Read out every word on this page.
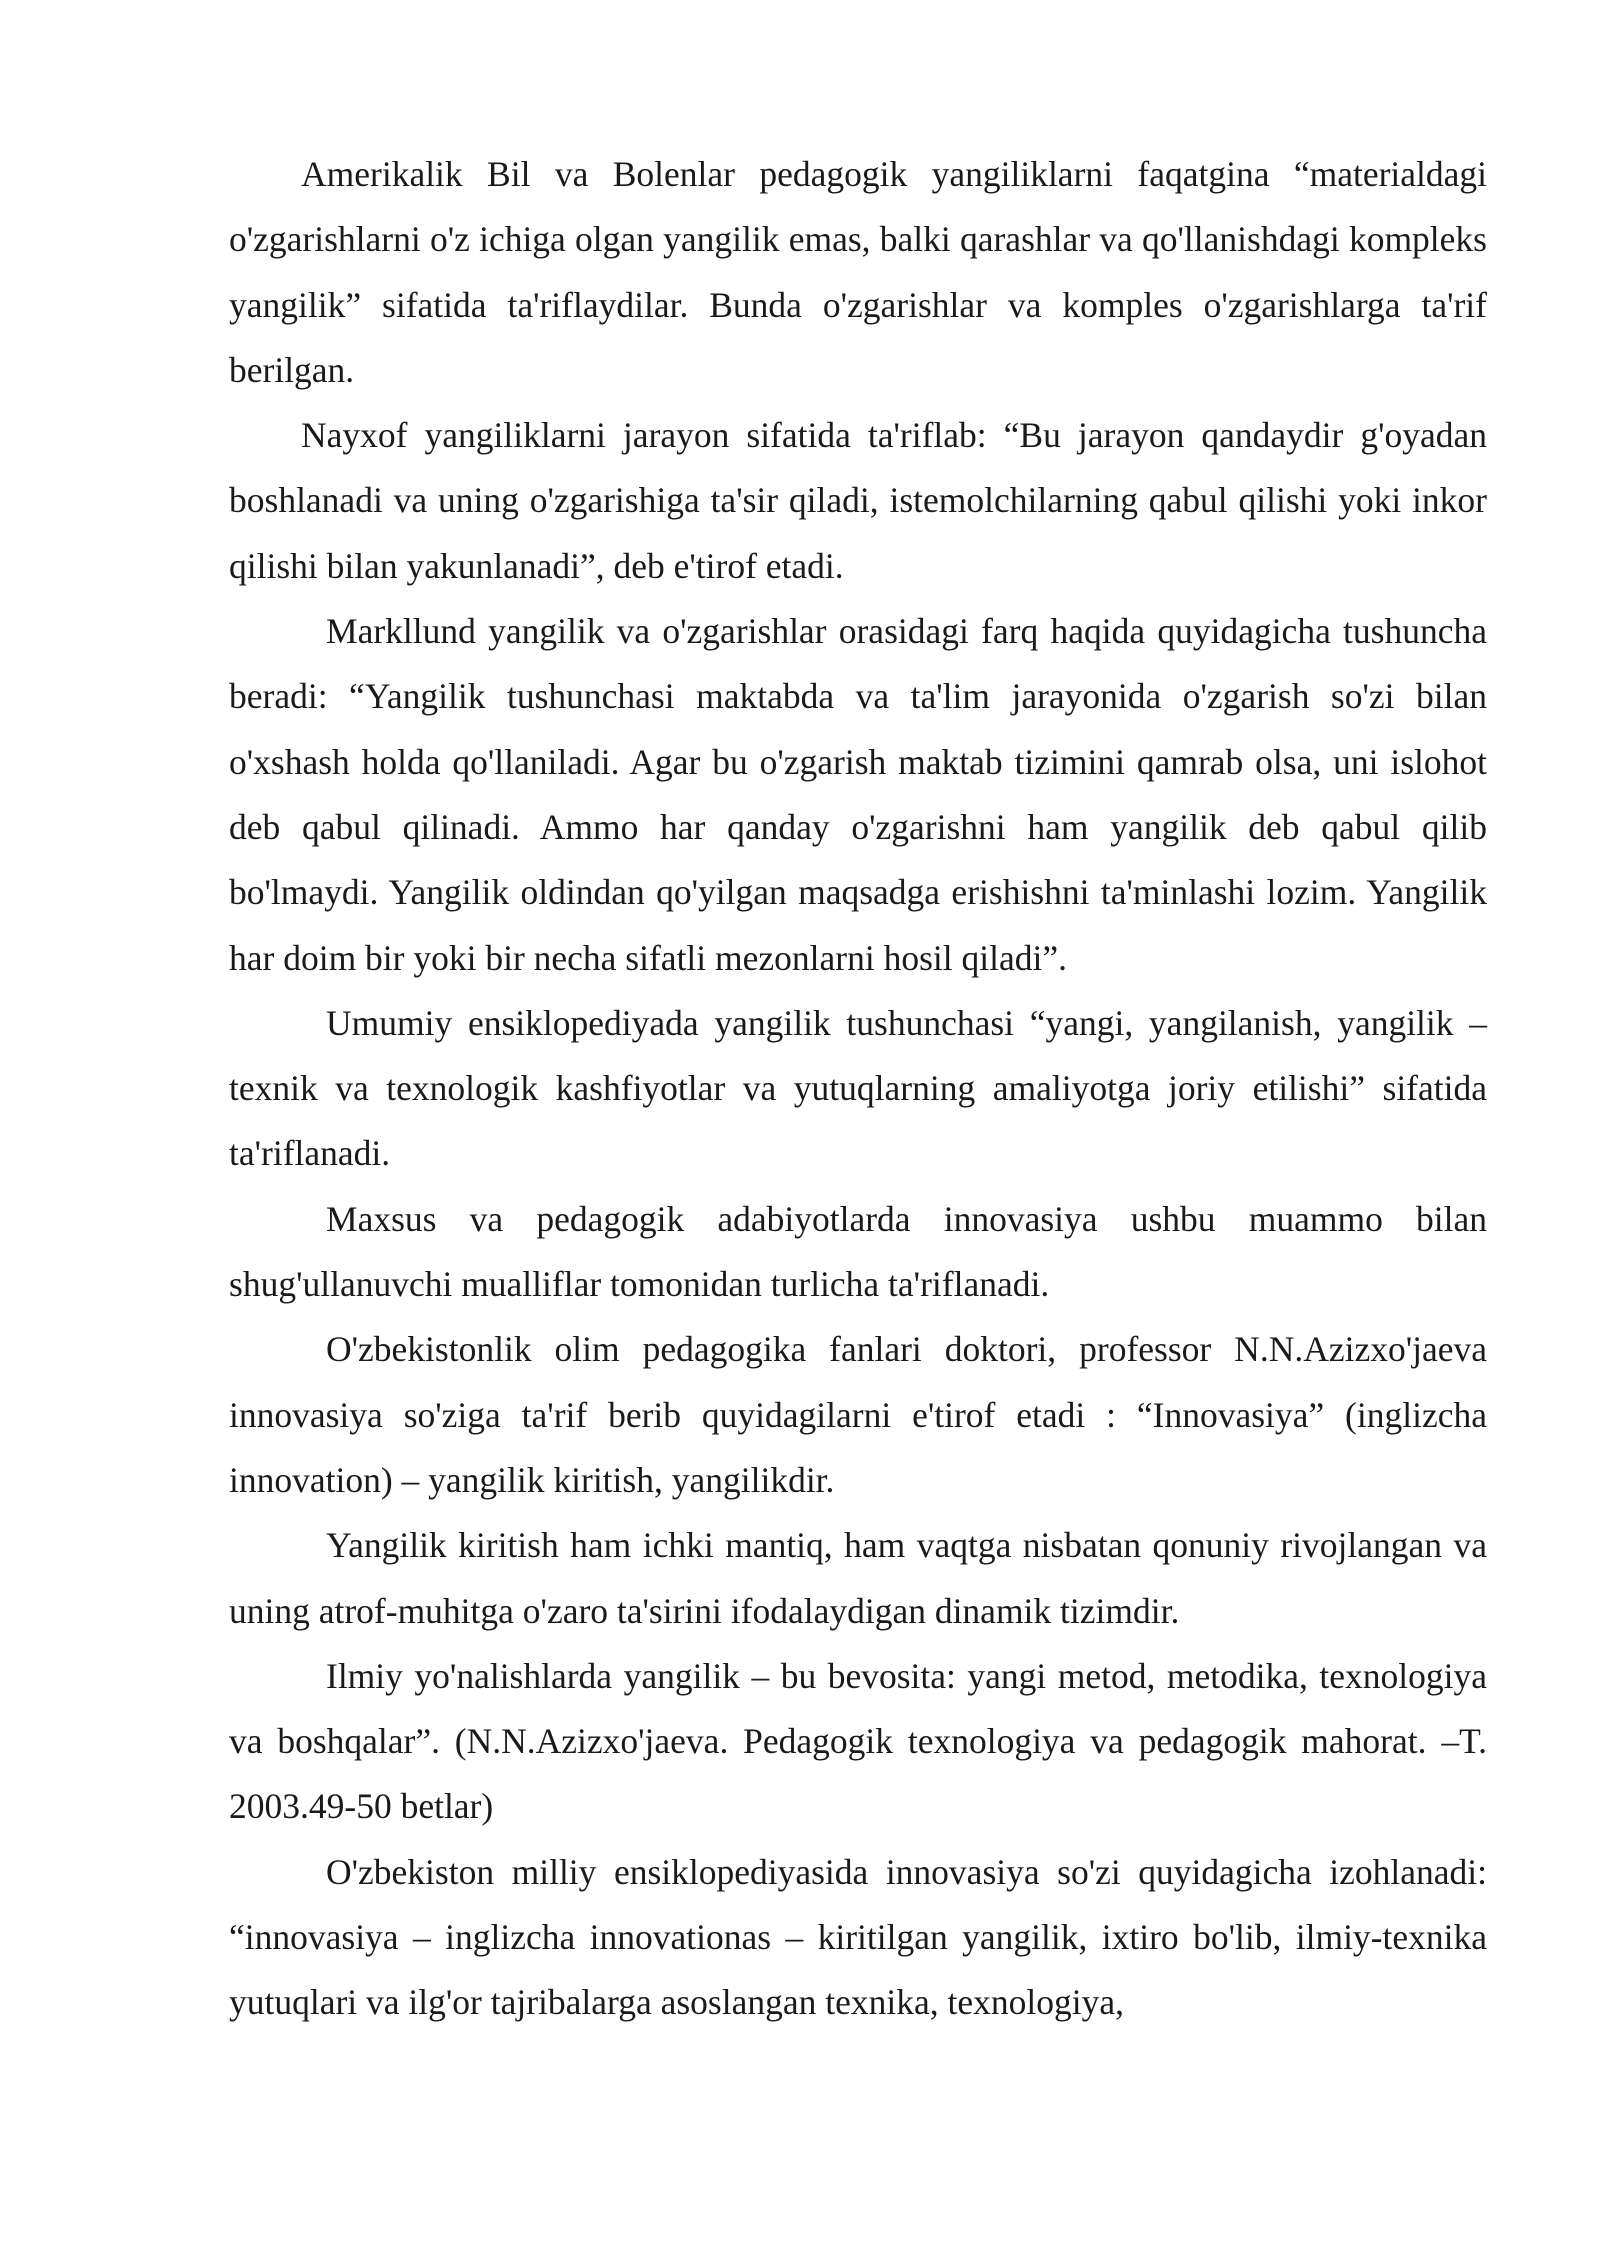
Amerikalik Bil va Bolenlar pedagogik yangiliklarni faqatgina “materialdagi o'zgarishlarni o'z ichiga olgan yangilik emas, balki qarashlar va qo'llanishdagi kompleks yangilik” sifatida ta'riflaydilar. Bunda o'zgarishlar va komples o'zgarishlarga ta'rif berilgan.

Nayxof yangiliklarni jarayon sifatida ta'riflab: “Bu jarayon qandaydir g'oyadan boshlanadi va uning o'zgarishiga ta'sir qiladi, istemolchilarning qabul qilishi yoki inkor qilishi bilan yakunlanadi”, deb e'tirof etadi.

Markllund yangilik va o'zgarishlar orasidagi farq haqida quyidagicha tushuncha beradi: “Yangilik tushunchasi maktabda va ta'lim jarayonida o'zgarish so'zi bilan o'xshash holda qo'llaniladi. Agar bu o'zgarish maktab tizimini qamrab olsa, uni islohot deb qabul qilinadi. Ammo har qanday o'zgarishni ham yangilik deb qabul qilib bo'lmaydi. Yangilik oldindan qo'yilgan maqsadga erishishni ta'minlashi lozim. Yangilik har doim bir yoki bir necha sifatli mezonlarni hosil qiladi”.

Umumiy ensiklopediyada yangilik tushunchasi “yangi, yangilanish, yangilik – texnik va texnologik kashfiyotlar va yutuqlarning amaliyotga joriy etilishi” sifatida ta'riflanadi.

Maxsus va pedagogik adabiyotlarda innovasiya ushbu muammo bilan shug'ullanuvchi mualliflar tomonidan turlicha ta'riflanadi.

O'zbekistonlik olim pedagogika fanlari doktori, professor N.N.Azizxo'jaeva innovasiya so'ziga ta'rif berib quyidagilarni e'tirof etadi : “Innovasiya” (inglizcha innovation) – yangilik kiritish, yangilikdir.

Yangilik kiritish ham ichki mantiq, ham vaqtga nisbatan qonuniy rivojlangan va uning atrof-muhitga o'zaro ta'sirini ifodalaydigan dinamik tizimdir.

Ilmiy yo'nalishlarda yangilik – bu bevosita: yangi metod, metodika, texnologiya va boshqalar”. (N.N.Azizxo'jaeva. Pedagogik texnologiya va pedagogik mahorat. –T. 2003.49-50 betlar)

O'zbekiston milliy ensiklopediyasida innovasiya so'zi quyidagicha izohlanadi: “innovasiya – inglizcha innovationas – kiritilgan yangilik, ixtiro bo'lib, ilmiy-texnika yutuqlari va ilg'or tajribalarga asoslangan texnika, texnologiya,
